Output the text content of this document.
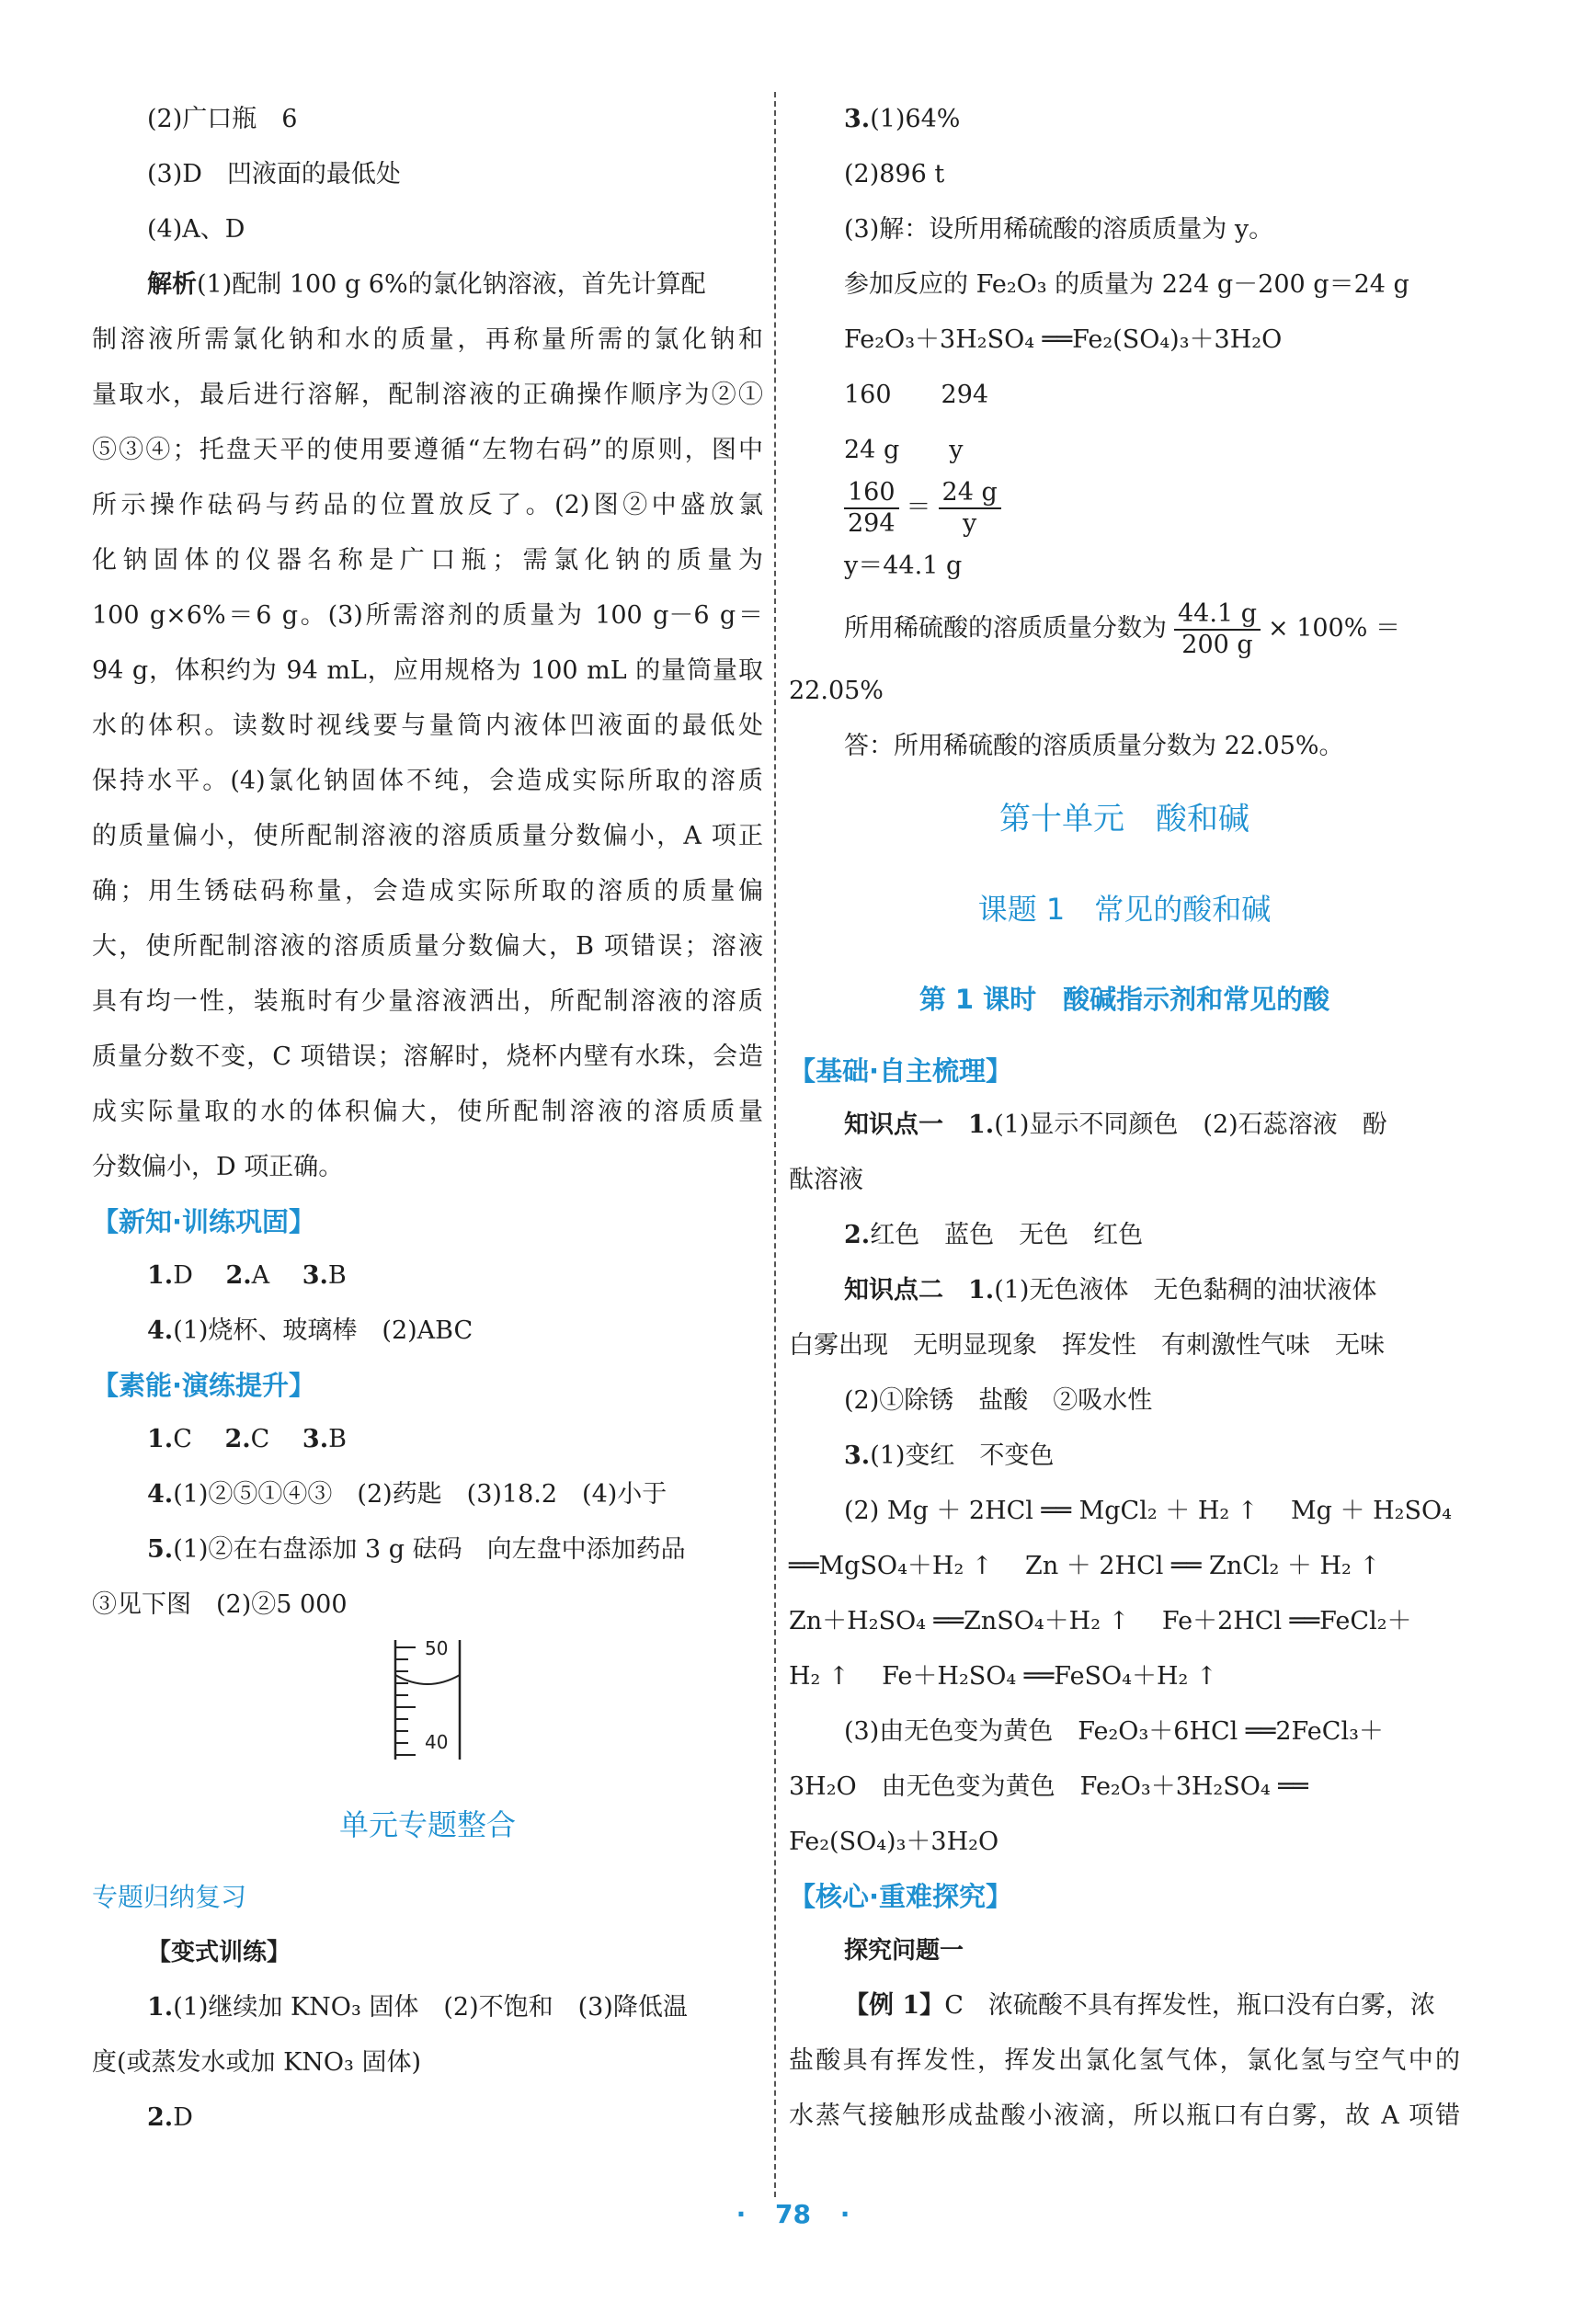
(2)广口瓶　6

(3)D　凹液面的最低处

(4)A、D

解析(1)配制 100 g 6%的氯化钠溶液，首先计算配

制溶液所需氯化钠和水的质量，再称量所需的氯化钠和

量取水，最后进行溶解，配制溶液的正确操作顺序为②①

⑤③④；托盘天平的使用要遵循“左物右码”的原则，图中

所示操作砝码与药品的位置放反了。(2)图②中盛放氯

化钠固体的仪器名称是广口瓶；需氯化钠的质量为

100 g×6%＝6 g。(3)所需溶剂的质量为 100 g－6 g＝

94 g，体积约为 94 mL，应用规格为 100 mL 的量筒量取

水的体积。读数时视线要与量筒内液体凹液面的最低处

保持水平。(4)氯化钠固体不纯，会造成实际所取的溶质

的质量偏小，使所配制溶液的溶质质量分数偏小，A 项正

确；用生锈砝码称量，会造成实际所取的溶质的质量偏

大，使所配制溶液的溶质质量分数偏大，B 项错误；溶液

具有均一性，装瓶时有少量溶液洒出，所配制溶液的溶质

质量分数不变，C 项错误；溶解时，烧杯内壁有水珠，会造

成实际量取的水的体积偏大，使所配制溶液的溶质质量

分数偏小，D 项正确。

【新知·训练巩固】

1.D　 2.A　 3.B

4.(1)烧杯、玻璃棒　(2)ABC

【素能·演练提升】

1.C　 2.C　 3.B

4.(1)②⑤①④③　(2)药匙　(3)18.2　(4)小于

5.(1)②在右盘添加 3 g 砝码　向左盘中添加药品

③见下图　(2)②5 000

50
40

单元专题整合

专题归纳复习

【变式训练】

1.(1)继续加 KNO₃ 固体　(2)不饱和　(3)降低温

度(或蒸发水或加 KNO₃ 固体)

2.D

3.(1)64%

(2)896 t

(3)解：设所用稀硫酸的溶质质量为 y。

参加反应的 Fe₂O₃ 的质量为 224 g－200 g＝24 g

Fe₂O₃＋3H₂SO₄ ══Fe₂(SO₄)₃＋3H₂O

160　　294

24 g　　y

$\frac{160}{294} = \frac{24 g}{y}$

y＝44.1 g

所用稀硫酸的溶质质量分数为 $\frac{44.1 g}{200 g} \times 100\%$ ＝

22.05%

答：所用稀硫酸的溶质质量分数为 22.05%。

第十单元　酸和碱

课题 1　常见的酸和碱

第 1 课时　酸碱指示剂和常见的酸

【基础·自主梳理】

知识点一　 1.(1)显示不同颜色　(2)石蕊溶液　酚

酞溶液

2.红色　蓝色　无色　红色

知识点二　 1.(1)无色液体　无色黏稠的油状液体

白雾出现　无明显现象　挥发性　有刺激性气味　无味

(2)①除锈　盐酸　②吸水性

3.(1)变红　不变色

(2) Mg ＋ 2HCl ══ MgCl₂ ＋ H₂ ↑　 Mg ＋ H₂SO₄

══MgSO₄＋H₂ ↑　 Zn ＋ 2HCl ══ ZnCl₂ ＋ H₂ ↑

Zn＋H₂SO₄ ══ZnSO₄＋H₂ ↑　 Fe＋2HCl ══FeCl₂＋

H₂ ↑　 Fe＋H₂SO₄ ══FeSO₄＋H₂ ↑

(3)由无色变为黄色　Fe₂O₃＋6HCl ══2FeCl₃＋

3H₂O　由无色变为黄色　Fe₂O₃＋3H₂SO₄ ══

Fe₂(SO₄)₃＋3H₂O

【核心·重难探究】

探究问题一

【例 1】C　浓硫酸不具有挥发性，瓶口没有白雾，浓

盐酸具有挥发性，挥发出氯化氢气体，氯化氢与空气中的

水蒸气接触形成盐酸小液滴，所以瓶口有白雾，故 A 项错

· 78 ·
